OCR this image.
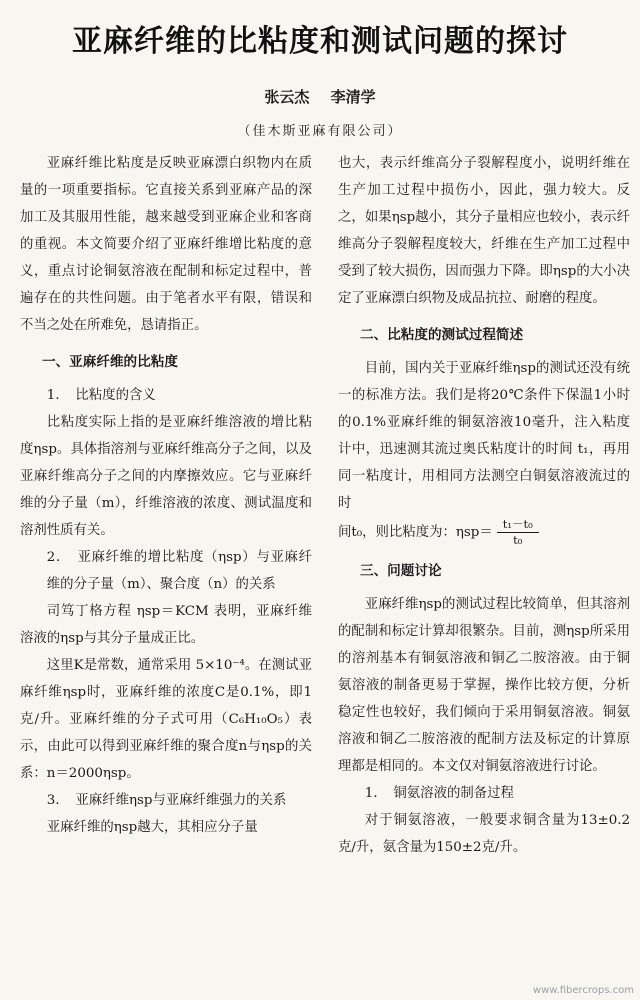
亚麻纤维的比粘度和测试问题的探讨
张云杰 李清学
（佳木斯亚麻有限公司）

亚麻纤维比粘度是反映亚麻漂白织物内在质量的一项重要指标。它直接关系到亚麻产品的深加工及其服用性能，越来越受到亚麻企业和客商的重视。本文简要介绍了亚麻纤维增比粘度的意义，重点讨论铜氨溶液在配制和标定过程中，普遍存在的共性问题。由于笔者水平有限，错误和不当之处在所难免，恳请指正。

一、亚麻纤维的比粘度
1．　比粘度的含义

比粘度实际上指的是亚麻纤维溶液的增比粘度ηsp。具体指溶剂与亚麻纤维高分子之间，以及亚麻纤维高分子之间的内摩擦效应。它与亚麻纤维的分子量（m），纤维溶液的浓度、测试温度和溶剂性质有关。

2．　亚麻纤维的增比粘度（ηsp）与亚麻纤维的分子量（m）、聚合度（n）的关系

司笃丁格方程 ηsp＝KCM 表明，亚麻纤维溶液的ηsp与其分子量成正比。

这里K是常数，通常采用 5×10⁻⁴。在测试亚麻纤维ηsp时，亚麻纤维的浓度C是0.1%，即1克/升。亚麻纤维的分子式可用（C₆H₁₀O₅）表示，由此可以得到亚麻纤维的聚合度n与ηsp的关系：n＝2000ηsp。

3．　亚麻纤维ηsp与亚麻纤维强力的关系

亚麻纤维的ηsp越大，其相应分子量

也大，表示纤维高分子裂解程度小，说明纤维在生产加工过程中损伤小，因此，强力较大。反之，如果ηsp越小，其分子量相应也较小，表示纤维高分子裂解程度较大，纤维在生产加工过程中受到了较大损伤，因而强力下降。即ηsp的大小决定了亚麻漂白织物及成品抗拉、耐磨的程度。

二、比粘度的测试过程简述

目前，国内关于亚麻纤维ηsp的测试还没有统一的标准方法。我们是将20℃条件下保温1小时的0.1%亚麻纤维的铜氨溶液10毫升，注入粘度计中，迅速测其流过奥氏粘度计的时间 t₁，再用同一粘度计，用相同方法测空白铜氨溶液流过的时

间t₀，则比粘度为：$\eta sp= \frac{\text{t₁－t₀}}{\text{t₀}}$
三、问题讨论

亚麻纤维ηsp的测试过程比较简单，但其溶剂的配制和标定计算却很繁杂。目前，测ηsp所采用的溶剂基本有铜氨溶液和铜乙二胺溶液。由于铜氨溶液的制备更易于掌握，操作比较方便，分析稳定性也较好，我们倾向于采用铜氨溶液。铜氨溶液和铜乙二胺溶液的配制方法及标定的计算原理都是相同的。本文仅对铜氨溶液进行讨论。

1．　铜氨溶液的制备过程

对于铜氨溶液，一般要求铜含量为13±0.2克/升，氨含量为150±2克/升。

www.fibercrops.com
